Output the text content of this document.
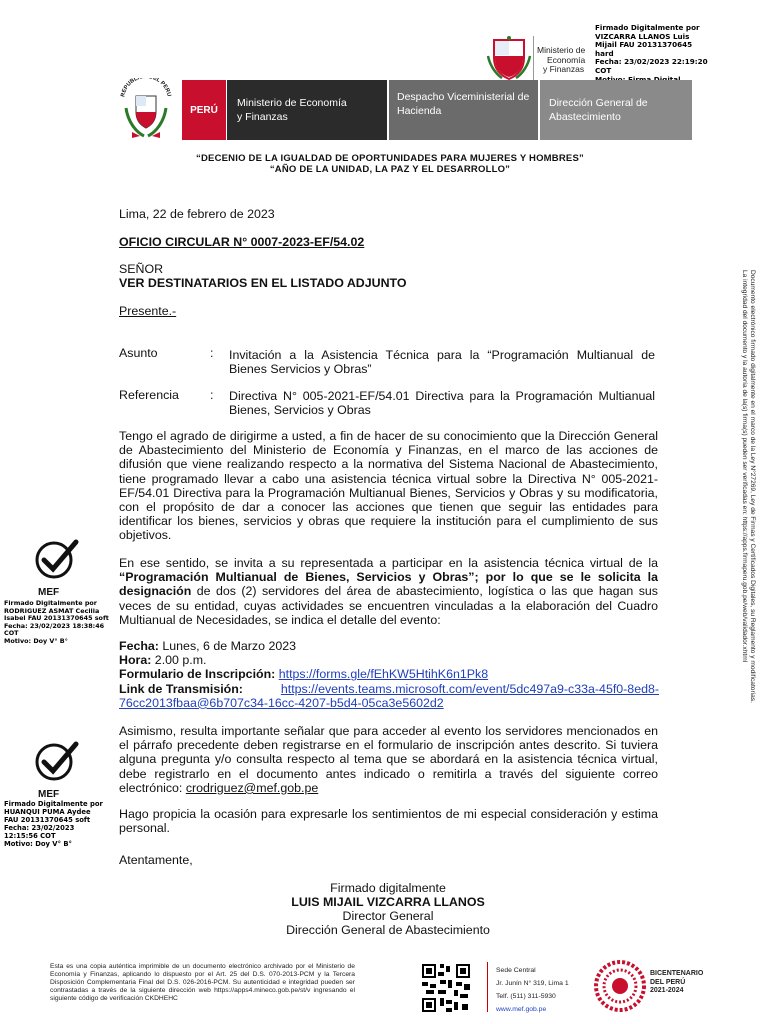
Firmado Digitalmente por
VIZCARRA LLANOS Luis
Mijail FAU 20131370645
hard
Fecha: 23/02/2023 22:19:20
COT
Ministerio de
Economía
y Finanzas
REPUBLI EL PERU
PERÚ
Ministerio de Economía y Finanzas
Despacho Viceministerial de Hacienda
Dirección General de Abastecimiento
“DECENIO DE LA IGUALDAD DE OPORTUNIDADES PARA MUJERES Y HOMBRES”
“AÑO DE LA UNIDAD, LA PAZ Y EL DESARROLLO”
Lima, 22 de febrero de 2023
OFICIO CIRCULAR N° 0007-2023-EF/54.02
SEÑOR
VER DESTINATARIOS EN EL LISTADO ADJUNTO
Presente.-
Asunto	: Invitación a la Asistencia Técnica para la “Programación Multianual de Bienes Servicios y Obras”
Referencia	: Directiva N° 005-2021-EF/54.01 Directiva para la Programación Multianual Bienes, Servicios y Obras
Tengo el agrado de dirigirme a usted, a fin de hacer de su conocimiento que la Dirección General de Abastecimiento del Ministerio de Economía y Finanzas, en el marco de las acciones de difusión que viene realizando respecto a la normativa del Sistema Nacional de Abastecimiento, tiene programado llevar a cabo una asistencia técnica virtual sobre la Directiva N° 005-2021-EF/54.01 Directiva para la Programación Multianual Bienes, Servicios y Obras y su modificatoria, con el propósito de dar a conocer las acciones que tienen que seguir las entidades para identificar los bienes, servicios y obras que requiere la institución para el cumplimiento de sus objetivos.
En ese sentido, se invita a su representada a participar en la asistencia técnica virtual de la “Programación Multianual de Bienes, Servicios y Obras”; por lo que se le solicita la designación de dos (2) servidores del área de abastecimiento, logística o las que hagan sus veces de su entidad, cuyas actividades se encuentren vinculadas a la elaboración del Cuadro Multianual de Necesidades, se indica el detalle del evento:
Fecha: Lunes, 6 de Marzo 2023
Hora: 2.00 p.m.
Formulario de Inscripción: https://forms.gle/fEhKW5HtihK6n1Pk8
Link de Transmisión:	https://events.teams.microsoft.com/event/5dc497a9-c33a-45f0-8ed8-
76cc2013fbaa@6b707c34-16cc-4207-b5d4-05ca3e5602d2
Asimismo, resulta importante señalar que para acceder al evento los servidores mencionados en el párrafo precedente deben registrarse en el formulario de inscripción antes descrito. Si tuviera alguna pregunta y/o consulta respecto al tema que se abordará en la asistencia técnica virtual, debe registrarlo en el documento antes indicado o remitirla a través del siguiente correo electrónico: crodriguez@mef.gob.pe
Hago propicia la ocasión para expresarle los sentimientos de mi especial consideración y estima personal.
Atentamente,
Firmado digitalmente
LUIS MIJAIL VIZCARRA LLANOS
Director General
Dirección General de Abastecimiento
Documento electrónico firmado digitalmente en el marco de la Ley N°27269, Ley de Firmas y Certificados Digitales, su Reglamento y modificatorias.
La integridad del documento y la autoría de la(s) firma(s) pueden ser verificadas en: https://apps.firmaperu.gob.pe/web/validador.xhtml
MEF
Firmado Digitalmente por
RODRIGUEZ ASMAT Cecilia
Isabel FAU 20131370645 soft
Fecha: 23/02/2023 18:38:46
COT
Motivo: Doy V° B°
MEF
Firmado Digitalmente por
HUANQUI PUMA Aydee
FAU 20131370645 soft
Fecha: 23/02/2023
12:15:56 COT
Motivo: Doy V° B°
Esta es una copia auténtica imprimible de un documento electrónico archivado por el Ministerio de Economía y Finanzas, aplicando lo dispuesto por el Art. 25 del D.S. 070-2013-PCM y la Tercera Disposición Complementaria Final del D.S. 026-2016-PCM. Su autenticidad e integridad pueden ser contrastadas a través de la siguiente dirección web https://apps4.mineco.gob.pe/st/v ingresando el siguiente código de verificación CKDHEHC
Sede Central
Jr. Junín N° 319, Lima 1
Telf. (511) 311-5930
www.mef.gob.pe
BICENTENARIO
DEL PERÚ
2021-2024
